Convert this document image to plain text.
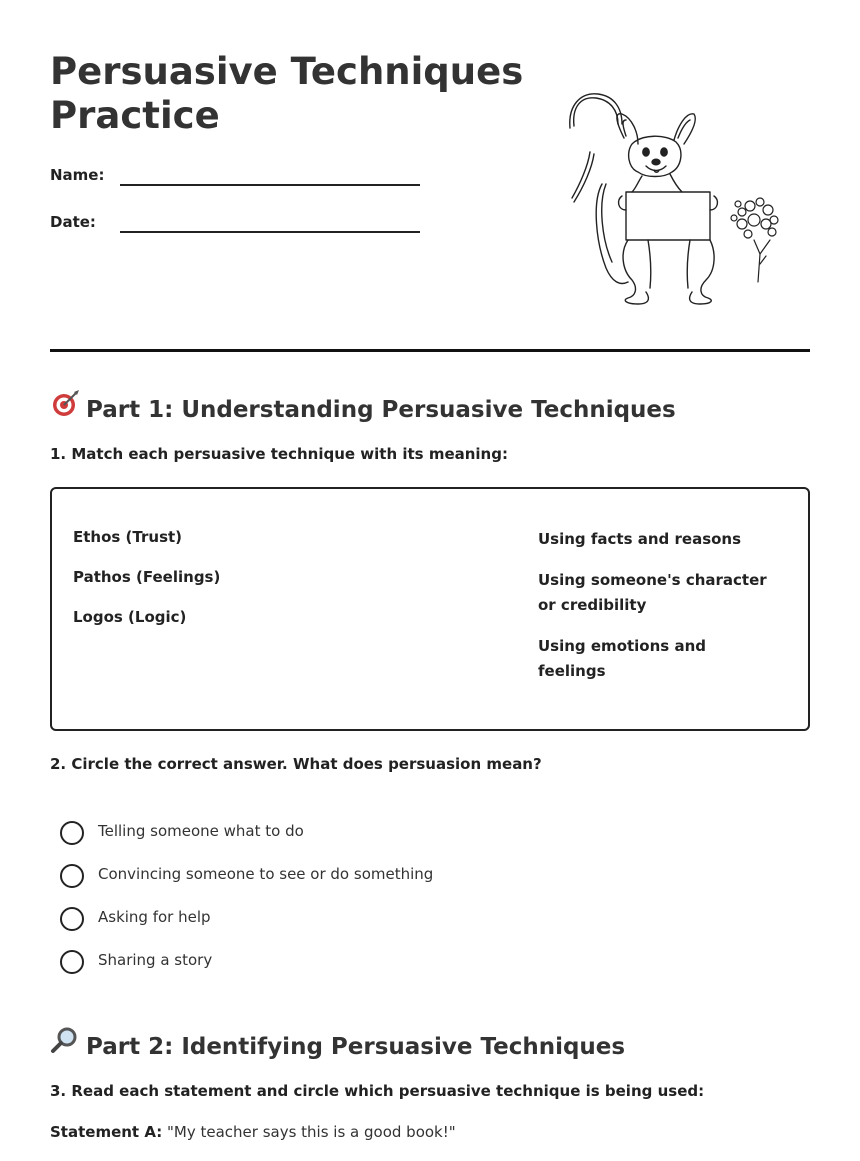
Persuasive Techniques Practice
Name:
Date:
Part 1: Understanding Persuasive Techniques
1. Match each persuasive technique with its meaning:
Ethos (Trust)
Pathos (Feelings)
Logos (Logic)
Using facts and reasons
Using someone's character or credibility
Using emotions and feelings
2. Circle the correct answer. What does persuasion mean?
Telling someone what to do
Convincing someone to see or do something
Asking for help
Sharing a story
Part 2: Identifying Persuasive Techniques
3. Read each statement and circle which persuasive technique is being used:
Statement A: "My teacher says this is a good book!"
